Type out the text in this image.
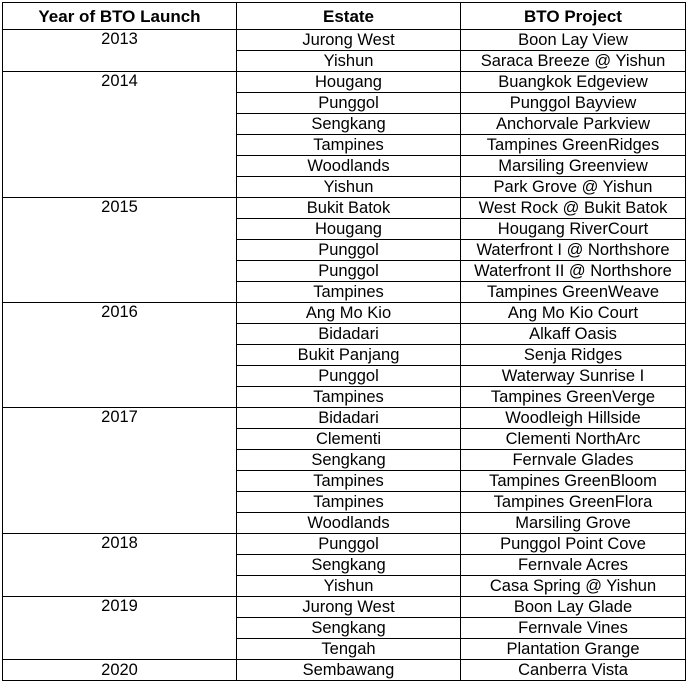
Year of BTO Launch	Estate	BTO Project
2013	Jurong West	Boon Lay View
	Yishun	Saraca Breeze @ Yishun
2014	Hougang	Buangkok Edgeview
	Punggol	Punggol Bayview
	Sengkang	Anchorvale Parkview
	Tampines	Tampines GreenRidges
	Woodlands	Marsiling Greenview
	Yishun	Park Grove @ Yishun
2015	Bukit Batok	West Rock @ Bukit Batok
	Hougang	Hougang RiverCourt
	Punggol	Waterfront I @ Northshore
	Punggol	Waterfront II @ Northshore
	Tampines	Tampines GreenWeave
2016	Ang Mo Kio	Ang Mo Kio Court
	Bidadari	Alkaff Oasis
	Bukit Panjang	Senja Ridges
	Punggol	Waterway Sunrise I
	Tampines	Tampines GreenVerge
2017	Bidadari	Woodleigh Hillside
	Clementi	Clementi NorthArc
	Sengkang	Fernvale Glades
	Tampines	Tampines GreenBloom
	Tampines	Tampines GreenFlora
	Woodlands	Marsiling Grove
2018	Punggol	Punggol Point Cove
	Sengkang	Fernvale Acres
	Yishun	Casa Spring @ Yishun
2019	Jurong West	Boon Lay Glade
	Sengkang	Fernvale Vines
	Tengah	Plantation Grange
2020	Sembawang	Canberra Vista
